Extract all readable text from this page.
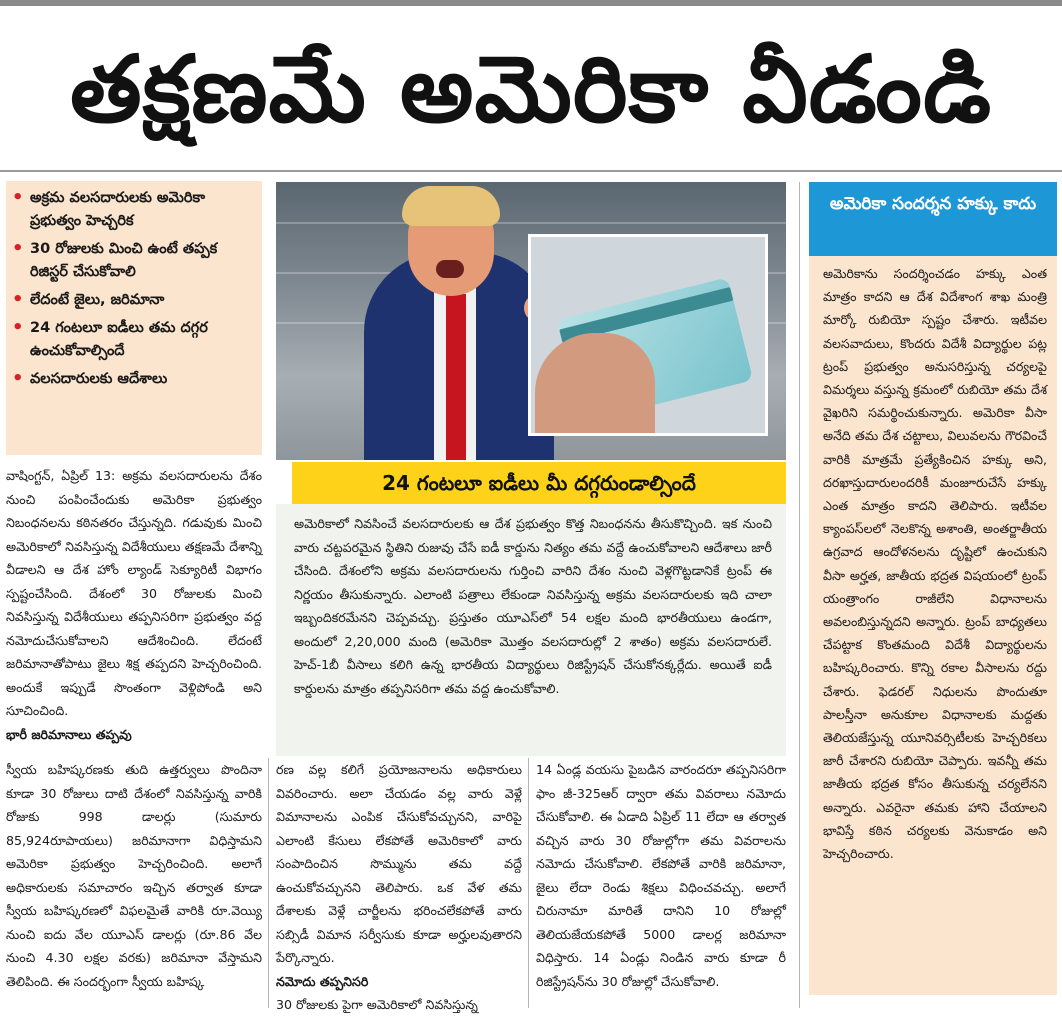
తక్షణమే అమెరికా వీడండి
• అక్రమ వలసదారులకు అమెరికా ప్రభుత్వం హెచ్చరిక
• 30 రోజులకు మించి ఉంటే తప్పక రిజిస్టర్ చేసుకోవాలి
• లేదంటే జైలు, జరిమానా
• 24 గంటలూ ఐడీలు తమ దగ్గర ఉంచుకోవాల్సిందే
• వలసదారులకు ఆదేశాలు
24 గంటలూ ఐడీలు మీ దగ్గరుండాల్సిందే

అమెరికాలో నివసించే వలసదారులకు ఆ దేశ ప్రభుత్వం కొత్త నిబంధనను తీసుకొచ్చింది. ఇక నుంచి వారు చట్టపరమైన స్థితిని రుజువు చేసే ఐడీ కార్డును నిత్యం తమ వద్దే ఉంచుకోవాలని ఆదేశాలు జారీ చేసింది. దేశంలోని అక్రమ వలసదారులను గుర్తించి వారిని దేశం నుంచి వెళ్లగొట్టడానికే ట్రంప్ ఈ నిర్ణయం తీసుకున్నారు. ఎలాంటి పత్రాలు లేకుండా నివసిస్తున్న అక్రమ వలసదారులకు ఇది చాలా ఇబ్బందికరమేనని చెప్పవచ్చు. ప్రస్తుతం యూఎస్‌లో 54 లక్షల మంది భారతీయులు ఉండగా, అందులో 2,20,000 మంది (అమెరికా మొత్తం వలసదారుల్లో 2 శాతం) అక్రమ వలసదారులే. హెచ్-1బీ వీసాలు కలిగి ఉన్న భారతీయ విద్యార్థులు రిజిస్ట్రేషన్ చేసుకోనక్కర్లేదు. అయితే ఐడీ కార్డులను మాత్రం తప్పనిసరిగా తమ వద్ద ఉంచుకోవాలి.

వాషింగ్టన్, ఏప్రిల్ 13: అక్రమ వలసదారులను దేశం నుంచి పంపించేందుకు అమెరికా ప్రభుత్వం నిబంధనలను కఠినతరం చేస్తున్నది. గడువుకు మించి అమెరికాలో నివసిస్తున్న విదేశీయులు తక్షణమే దేశాన్ని వీడాలని ఆ దేశ హోం ల్యాండ్ సెక్యూరిటీ విభాగం స్పష్టంచేసింది. దేశంలో 30 రోజులకు మించి నివసిస్తున్న విదేశీయులు తప్పనిసరిగా ప్రభుత్వం వద్ద నమోదుచేసుకోవాలని ఆదేశించింది. లేదంటే జరిమానాతోపాటు జైలు శిక్ష తప్పదని హెచ్చరించింది. అందుకే ఇప్పుడే సొంతంగా వెళ్లిపోండి అని సూచించింది.

భారీ జరిమానాలు తప్పవు

స్వీయ బహిష్కరణకు తుది ఉత్తర్వులు పొందినా కూడా 30 రోజులు దాటి దేశంలో నివసిస్తున్న వారికి రోజుకు 998 డాలర్లు (సుమారు 85,924రూపాయలు) జరిమానాగా విధిస్తామని అమెరికా ప్రభుత్వం హెచ్చరించింది. అలాగే అధికారులకు సమాచారం ఇచ్చిన తర్వాత కూడా స్వీయ బహిష్కరణలో విఫలమైతే వారికి రూ.వెయ్యి నుంచి ఐదు వేల యూఎస్ డాలర్లు (రూ.86 వేల నుంచి 4.30 లక్షల వరకు) జరిమానా వేస్తామని తెలిపింది. ఈ సందర్భంగా స్వీయ బహిష్క

రణ వల్ల కలిగే ప్రయోజనాలను అధికారులు వివరించారు. అలా చేయడం వల్ల వారు వెళ్లే విమానాలను ఎంపిక చేసుకోవచ్చునని, వారిపై ఎలాంటి కేసులు లేకపోతే అమెరికాలో వారు సంపాదించిన సొమ్మును తమ వద్దే ఉంచుకోవచ్చునని తెలిపారు. ఒక వేళ తమ దేశాలకు వెళ్లే చార్జీలను భరించలేకపోతే వారు సబ్సిడీ విమాన సర్వీసుకు కూడా అర్హులవుతారని పేర్కొన్నారు.

నమోదు తప్పనిసరి

30 రోజులకు పైగా అమెరికాలో నివసిస్తున్న

14 ఏండ్ల వయసు పైబడిన వారందరూ తప్పనిసరిగా ఫాం జీ-325ఆర్ ద్వారా తమ వివరాలు నమోదు చేసుకోవాలి. ఈ ఏడాది ఏప్రిల్ 11 లేదా ఆ తర్వాత వచ్చిన వారు 30 రోజుల్లోగా తమ వివరాలను నమోదు చేసుకోవాలి. లేకపోతే వారికి జరిమానా, జైలు లేదా రెండు శిక్షలు విధించవచ్చు. అలాగే చిరునామా మారితే దానిని 10 రోజుల్లో తెలియజేయకపోతే 5000 డాలర్ల జరిమానా విధిస్తారు. 14 ఏండ్లు నిండిన వారు కూడా రీ రిజిస్ట్రేషన్‌ను 30 రోజుల్లో చేసుకోవాలి.

అమెరికా సందర్శన హక్కు కాదు

అమెరికాను సందర్శించడం హక్కు ఎంత మాత్రం కాదని ఆ దేశ విదేశాంగ శాఖ మంత్రి మార్కో రుబియో స్పష్టం చేశారు. ఇటీవల వలసవాదులు, కొందరు విదేశీ విద్యార్థుల పట్ల ట్రంప్ ప్రభుత్వం అనుసరిస్తున్న చర్యలపై విమర్శలు వస్తున్న క్రమంలో రుబియో తమ దేశ వైఖరిని సమర్థించుకున్నారు. అమెరికా వీసా అనేది తమ దేశ చట్టాలు, విలువలను గౌరవించే వారికి మాత్రమే ప్రత్యేకించిన హక్కు అని, దరఖాస్తుదారులందరికీ మంజూరుచేసే హక్కు ఎంత మాత్రం కాదని తెలిపారు. ఇటీవల క్యాంపస్‌లలో నెలకొన్న అశాంతి, అంతర్జాతీయ ఉగ్రవాద ఆందోళనలను దృష్టిలో ఉంచుకుని వీసా అర్హత, జాతీయ భద్రత విషయంలో ట్రంప్ యంత్రాంగం రాజీలేని విధానాలను అవలంబిస్తున్నదని అన్నారు. ట్రంప్ బాధ్యతలు చేపట్టాక కొంతమంది విదేశీ విద్యార్థులను బహిష్కరించారు. కొన్ని రకాల వీసాలను రద్దు చేశారు. ఫెడరల్ నిధులను పొందుతూ పాలస్తీనా అనుకూల విధానాలకు మద్దతు తెలియజేస్తున్న యూనివర్సిటీలకు హెచ్చరికలు జారీ చేశారని రుబియో చెప్పారు. ఇవన్నీ తమ జాతీయ భద్రత కోసం తీసుకున్న చర్యలేనని అన్నారు. ఎవరైనా తమకు హాని చేయాలని భావిస్తే కఠిన చర్యలకు వెనుకాడం అని హెచ్చరించారు.
